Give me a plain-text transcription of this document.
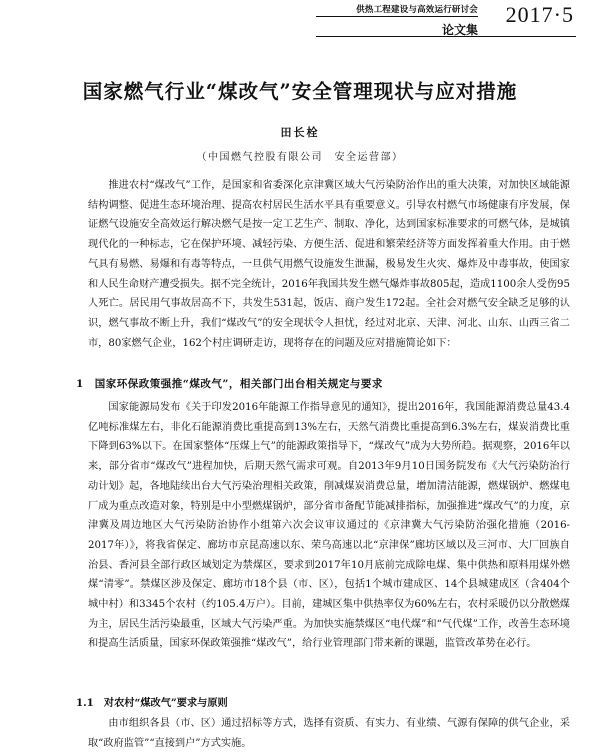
供热工程建设与高效运行研讨会 2017·5
论文集
国家燃气行业“煤改气”安全管理现状与应对措施
田长栓
（中国燃气控股有限公司　安全运营部）

推进农村“煤改气”工作，是国家和省委深化京津冀区域大气污染防治作出的重大决策，对加快区域能源结构调整、促进生态环境治理、提高农村居民生活水平具有重要意义。引导农村燃气市场健康有序发展，保证燃气设施安全高效运行解决燃气是按一定工艺生产、制取、净化，达到国家标准要求的可燃气体，是城镇现代化的一种标志，它在保护环境、减轻污染、方便生活、促进和繁荣经济等方面发挥着重大作用。由于燃气具有易燃、易爆和有毒等特点，一旦供气用燃气设施发生泄漏，极易发生火灾、爆炸及中毒事故，使国家和人民生命财产遭受损失。据不完全统计，2016年我国共发生燃气爆炸事故805起，造成1100余人受伤95人死亡。居民用气事故居高不下，共发生531起，饭店、商户发生172起。全社会对燃气安全缺乏足够的认识，燃气事故不断上升，我们“煤改气”的安全现状令人担忧，经过对北京、天津、河北、山东、山西三省二市，80家燃气企业，162个村庄调研走访，现将存在的问题及应对措施简论如下：

1　国家环保政策强推“煤改气”，相关部门出台相关规定与要求

国家能源局发布《关于印发2016年能源工作指导意见的通知》，提出2016年，我国能源消费总量43.4亿吨标准煤左右，非化石能源消费比重提高到13%左右，天然气消费比重提高到6.3%左右，煤炭消费比重下降到63%以下。在国家整体“压煤上气”的能源政策指导下，“煤改气”成为大势所趋。据观察，2016年以来，部分省市“煤改气”进程加快，后期天然气需求可观。自2013年9月10日国务院发布《大气污染防治行动计划》起，各地陆续出台大气污染治理相关政策，削减煤炭消费总量，增加清洁能源，燃煤锅炉、燃煤电厂成为重点改造对象，特别是中小型燃煤锅炉，部分省市备配节能减排指标，加强推进“煤改气”的力度，京津冀及周边地区大气污染防治协作小组第六次会议审议通过的《京津冀大气污染防治强化措施（2016-2017年）》，将我省保定、廊坊市京昆高速以东、荣乌高速以北“京津保”廊坊区域以及三河市、大厂回族自治县、香河县全部行政区域划定为禁煤区，要求到2017年10月底前完成除电煤、集中供热和原料用煤外燃煤“清零”。禁煤区涉及保定、廊坊市18个县（市、区），包括1个城市建成区、14个县城建成区（含404个城中村）和3345个农村（约105.4万户）。目前，建城区集中供热率仅为60%左右，农村采暖仍以分散燃煤为主，居民生活污染最重，区域大气污染严重。为加快实施禁煤区“电代煤”和“气代煤”工作，改善生态环境和提高生活质量，国家环保政策强推“煤改气”，给行业管理部门带来新的课题，监管改革势在必行。

1.1　对农村“煤改气”要求与原则

由市组织各县（市、区）通过招标等方式，选择有资质、有实力、有业绩、气源有保障的供气企业，采取“政府监管”“直接到户”方式实施。
